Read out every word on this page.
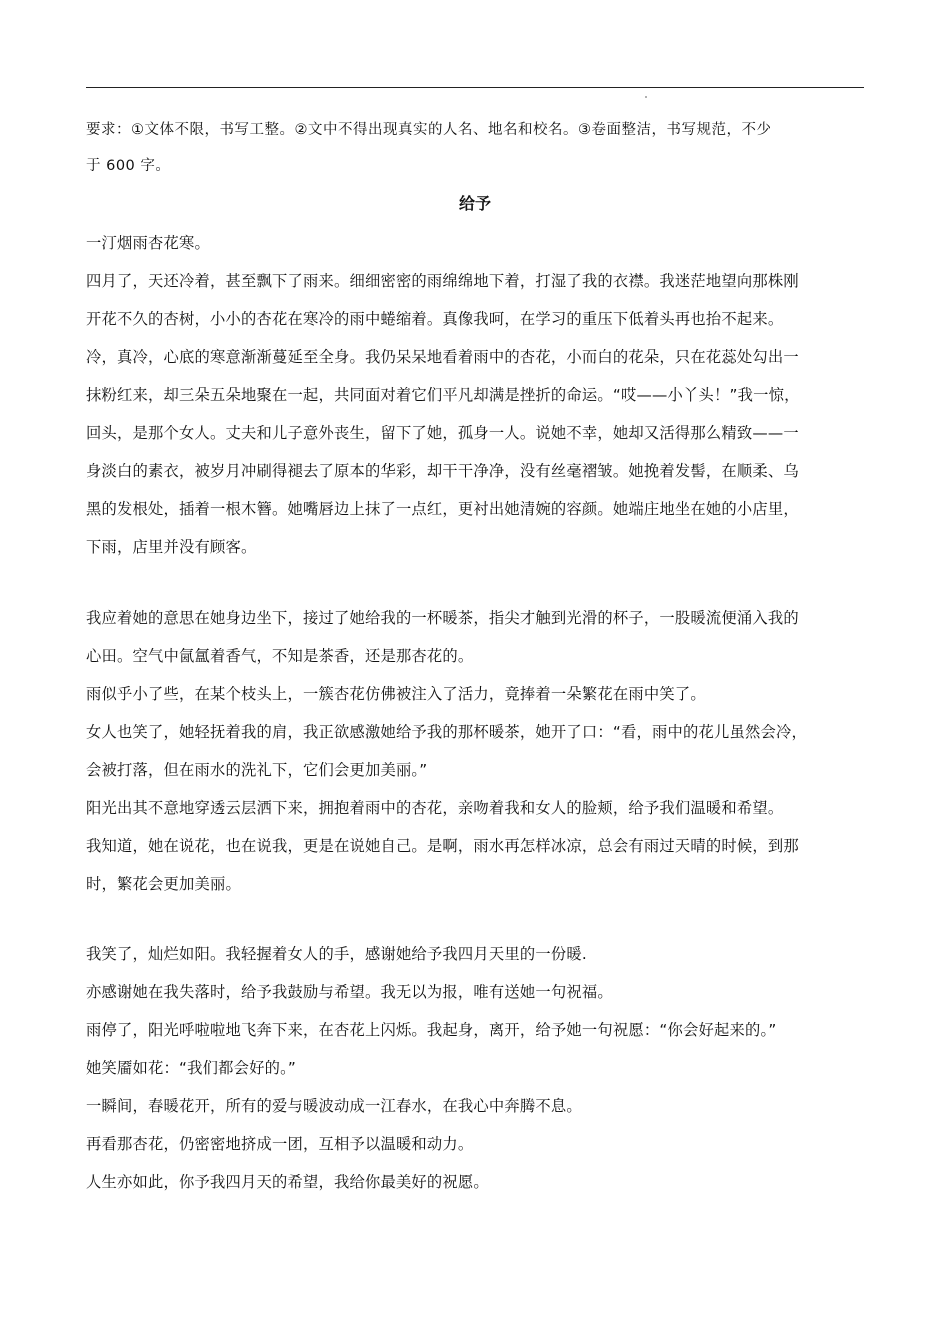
要求：①文体不限，书写工整。②文中不得出现真实的人名、地名和校名。③卷面整洁，书写规范，不少
于 600 字。
给予

一汀烟雨杏花寒。

四月了，天还冷着，甚至飘下了雨来。细细密密的雨绵绵地下着，打湿了我的衣襟。我迷茫地望向那株刚

开花不久的杏树，小小的杏花在寒冷的雨中蜷缩着。真像我呵，在学习的重压下低着头再也抬不起来。

冷，真冷，心底的寒意渐渐蔓延至全身。我仍呆呆地看着雨中的杏花，小而白的花朵，只在花蕊处勾出一

抹粉红来，却三朵五朵地聚在一起，共同面对着它们平凡却满是挫折的命运。“哎——小丫头！”我一惊，

回头，是那个女人。丈夫和儿子意外丧生，留下了她，孤身一人。说她不幸，她却又活得那么精致——一

身淡白的素衣，被岁月冲刷得褪去了原本的华彩，却干干净净，没有丝毫褶皱。她挽着发髻，在顺柔、乌

黑的发根处，插着一根木簪。她嘴唇边上抹了一点红，更衬出她清婉的容颜。她端庄地坐在她的小店里，

下雨，店里并没有顾客。

我应着她的意思在她身边坐下，接过了她给我的一杯暖茶，指尖才触到光滑的杯子，一股暖流便涌入我的

心田。空气中氤氲着香气，不知是茶香，还是那杏花的。

雨似乎小了些，在某个枝头上，一簇杏花仿佛被注入了活力，竟捧着一朵繁花在雨中笑了。

女人也笑了，她轻抚着我的肩，我正欲感激她给予我的那杯暖茶，她开了口：“看，雨中的花儿虽然会冷，

会被打落，但在雨水的洗礼下，它们会更加美丽。”

阳光出其不意地穿透云层洒下来，拥抱着雨中的杏花，亲吻着我和女人的脸颊，给予我们温暖和希望。

我知道，她在说花，也在说我，更是在说她自己。是啊，雨水再怎样冰凉，总会有雨过天晴的时候，到那

时，繁花会更加美丽。

我笑了，灿烂如阳。我轻握着女人的手，感谢她给予我四月天里的一份暖.

亦感谢她在我失落时，给予我鼓励与希望。我无以为报，唯有送她一句祝福。

雨停了，阳光呼啦啦地飞奔下来，在杏花上闪烁。我起身，离开，给予她一句祝愿：“你会好起来的。”

她笑靥如花：“我们都会好的。”

一瞬间，春暖花开，所有的爱与暖波动成一江春水，在我心中奔腾不息。

再看那杏花，仍密密地挤成一团，互相予以温暖和动力。

人生亦如此，你予我四月天的希望，我给你最美好的祝愿。
